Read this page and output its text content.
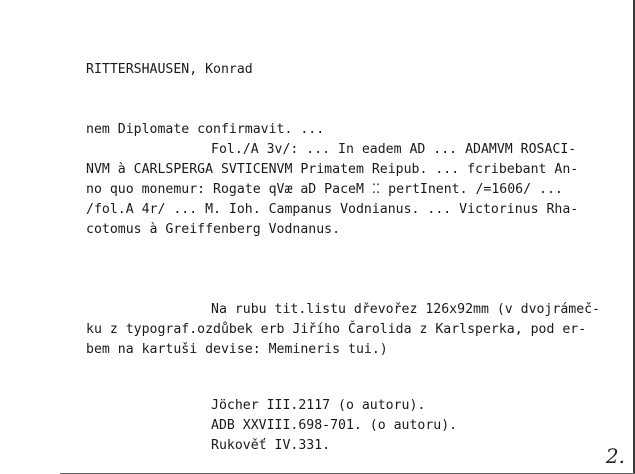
RITTERSHAUSEN, Konrad
nem Diplomate confirmavit. ...
Fol./A 3v/: ... In eadem AD ... ADAMVM ROSACI-
NVM à CARLSPERGA SVTICENVM Primatem Reipub. ... fcribebant An-
no quo monemur: Rogate qVæ aD PaceM ⁚⁚ pertInent. /=1606/ ...
/fol.A 4r/ ... M. Ioh. Campanus Vodnianus. ... Victorinus Rha-
cotomus à Greiffenberg Vodnanus.
Na rubu tit.listu dřevořez 126x92mm (v dvojrámeč-
ku z typograf.ozdůbek erb Jiřího Čarolida z Karlsperka, pod er-
bem na kartuši devise: Memineris tui.)
Jöcher III.2117 (o autoru).
ADB XXVIII.698-701. (o autoru).
Rukověť IV.331.	2.
